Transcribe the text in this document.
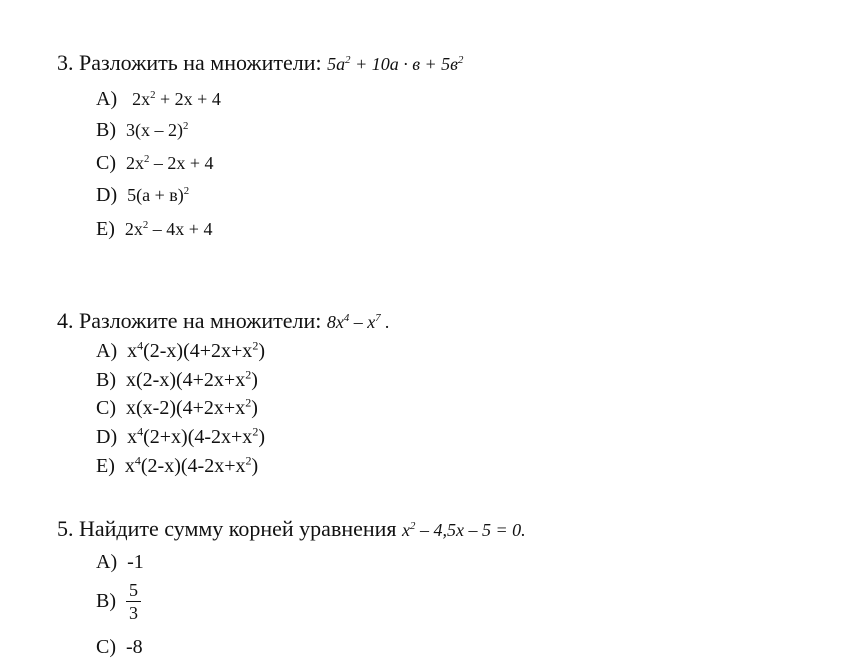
3. Разложить на множители: $5a^2 + 10a \cdot в + 5в^2$
A) $2x^2 + 2x + 4$
B) 3(x – 2)$^2$
C) $2x^2 - 2x + 4$
D) $5(a + в)^2$
E) $2x^2 - 4x + 4$
4. Разложите на множители: $8x^4 - x^7$ .
A) $x^4(2-x)(4+2x+x^2)$
B) $x(2-x)(4+2x+x^2)$
C) $x(x-2)(4+2x+x^2)$
D) $x^4(2+x)(4-2x+x^2)$
E) $x^4(2-x)(4-2x+x^2)$
5. Найдите сумму корней уравнения $x^2 - 4,5x - 5 = 0$.
A) -1
$B) \frac{5}{3}$
C) -8
